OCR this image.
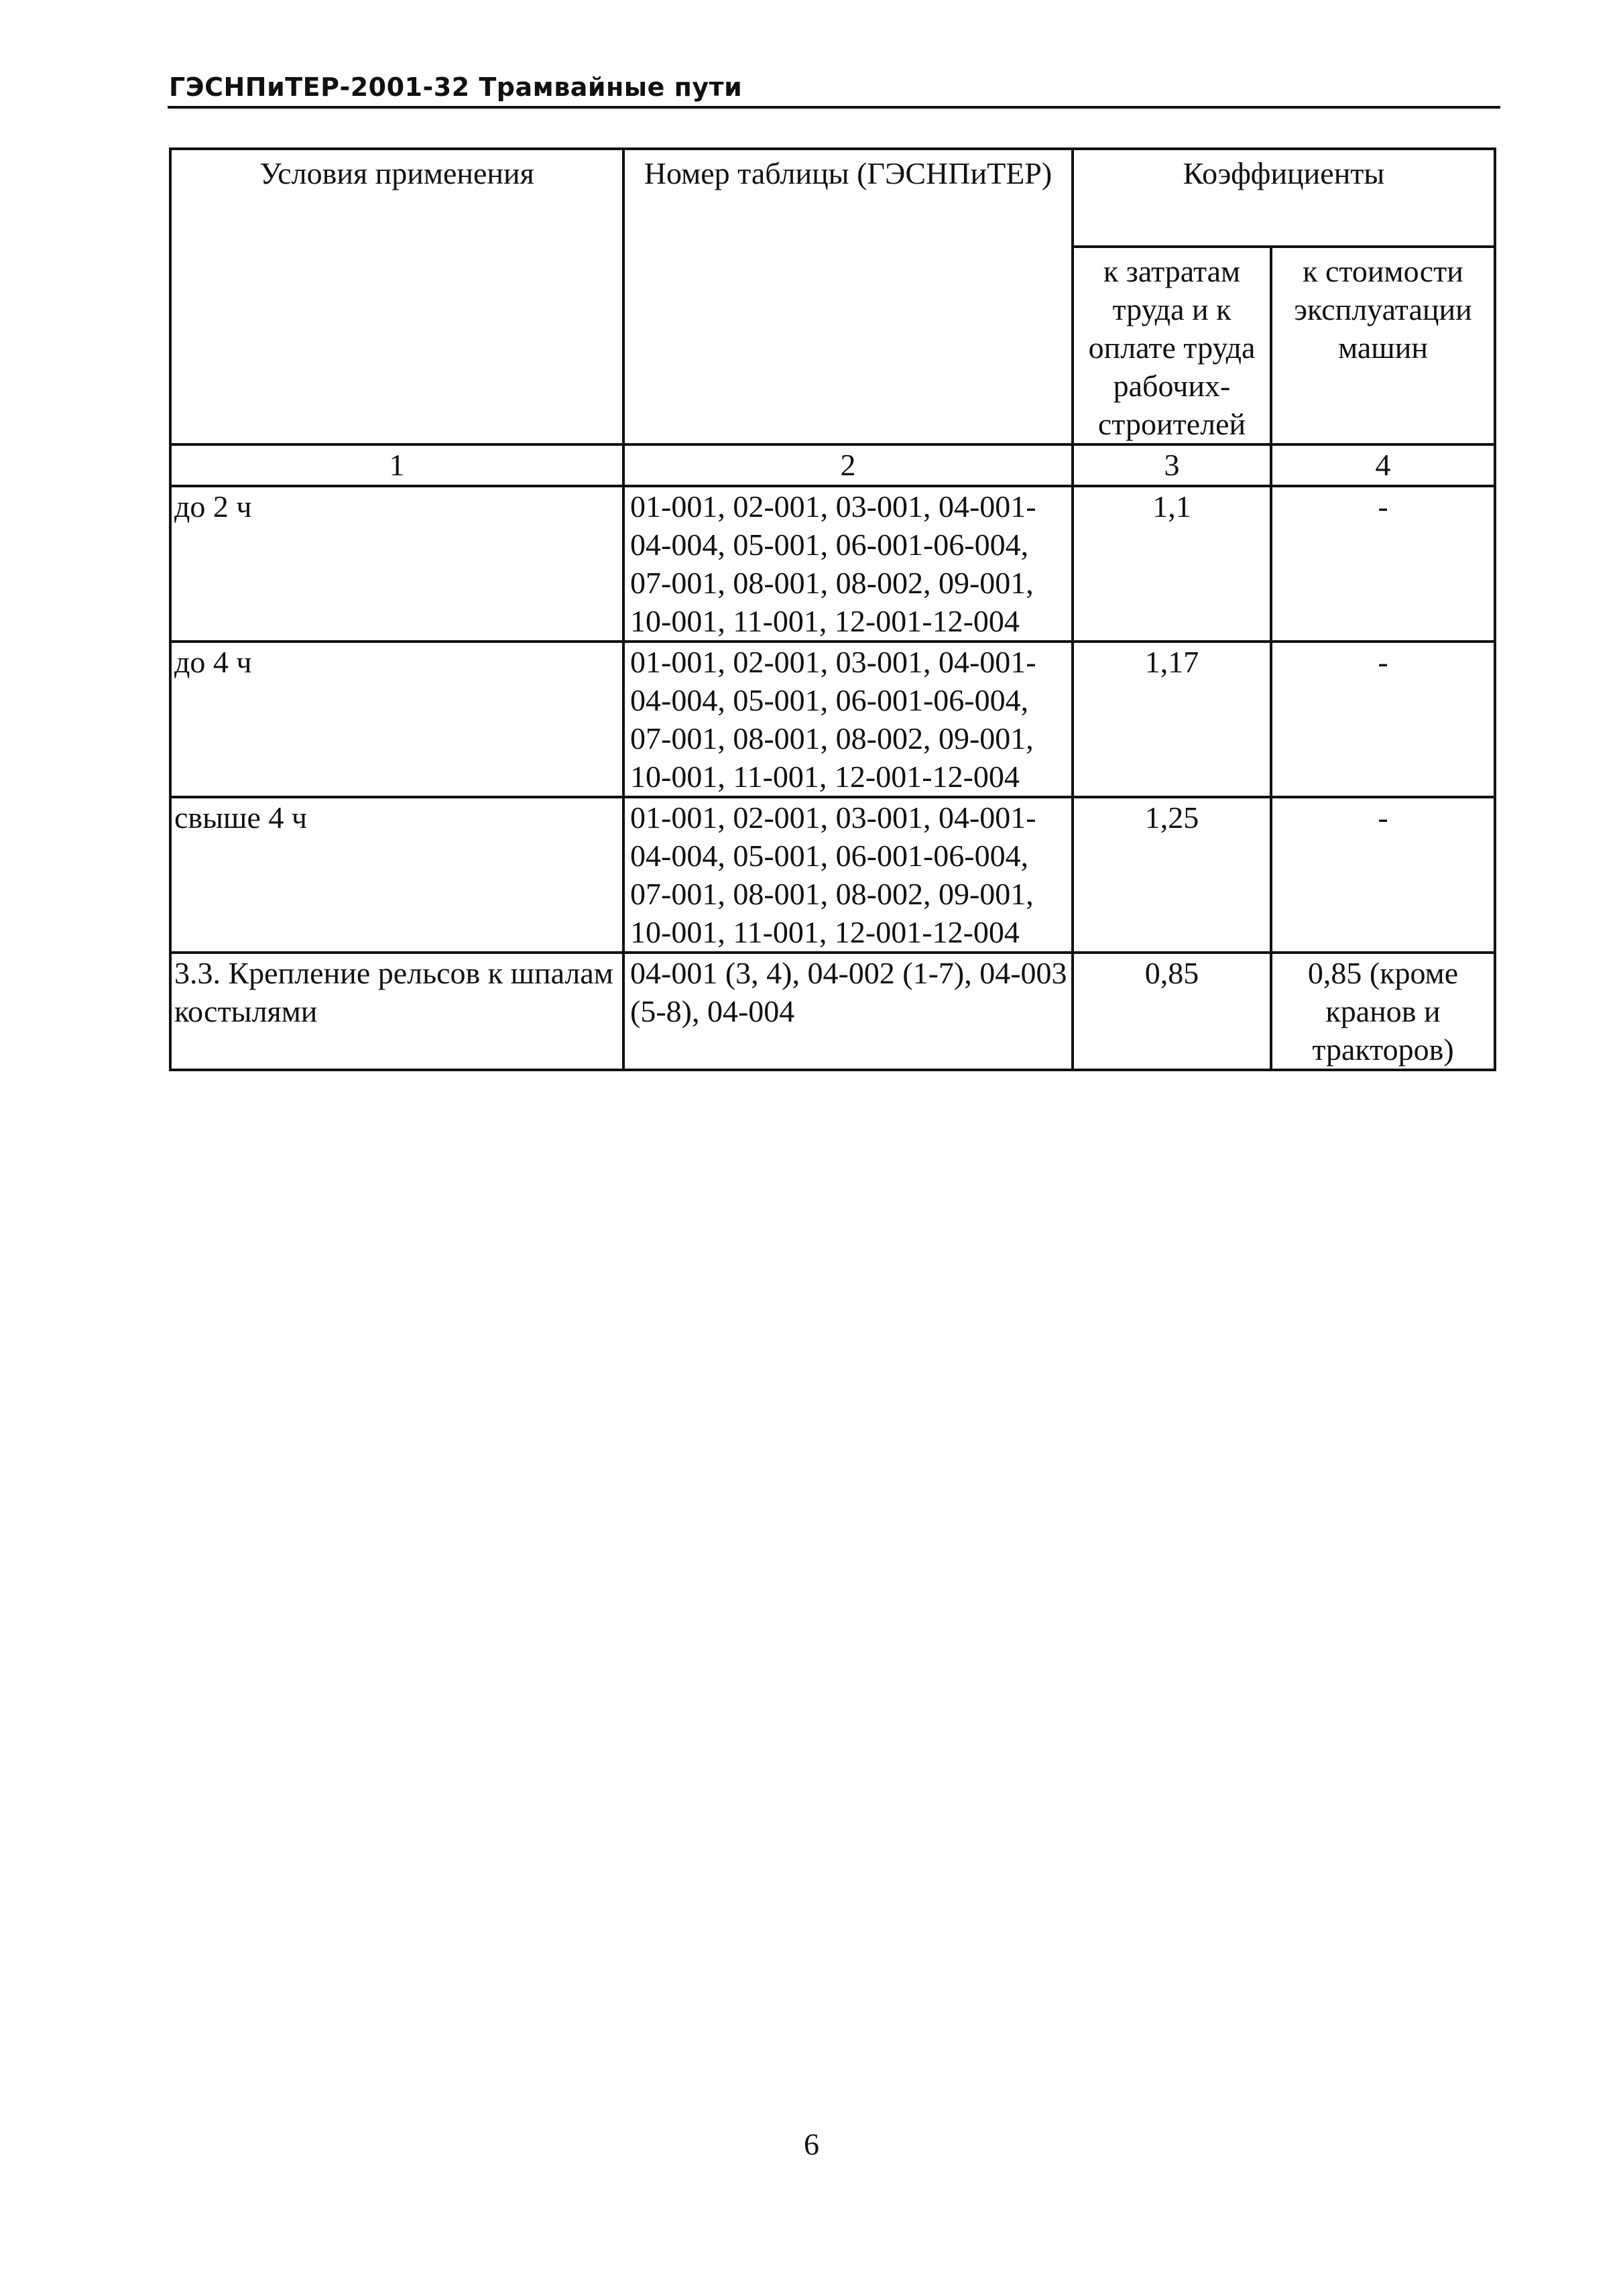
ГЭСНПиТЕР-2001-32 Трамвайные пути
Условия применения	Номер таблицы (ГЭСНПиТЕР)	Коэффициенты	
		к затратам труда и к оплате труда рабочих-строителей	к стоимости эксплуатации машин
1	2	3	4
до 2 ч	01-001, 02-001, 03-001, 04-001-04-004, 05-001, 06-001-06-004, 07-001, 08-001, 08-002, 09-001, 10-001, 11-001, 12-001-12-004	1,1	-
до 4 ч	01-001, 02-001, 03-001, 04-001-04-004, 05-001, 06-001-06-004, 07-001, 08-001, 08-002, 09-001, 10-001, 11-001, 12-001-12-004	1,17	-
свыше 4 ч	01-001, 02-001, 03-001, 04-001-04-004, 05-001, 06-001-06-004, 07-001, 08-001, 08-002, 09-001, 10-001, 11-001, 12-001-12-004	1,25	-
3.3. Крепление рельсов к шпалам костылями	04-001 (3, 4), 04-002 (1-7), 04-003 (5-8), 04-004	0,85	0,85 (кроме кранов и тракторов)
6
